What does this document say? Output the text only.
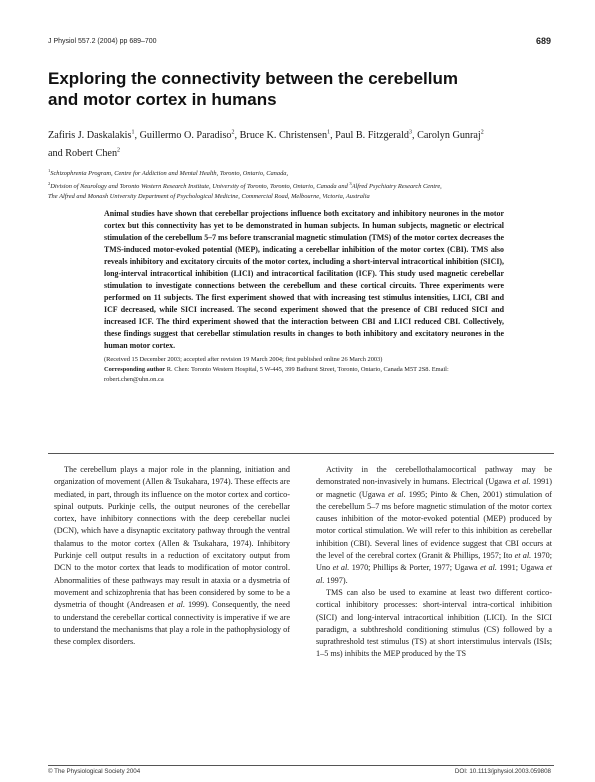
J Physiol 557.2 (2004) pp 689–700	689
Exploring the connectivity between the cerebellum
and motor cortex in humans
Zafiris J. Daskalakis$^1$, Guillermo O. Paradiso$^2$, Bruce K. Christensen$^1$, Paul B. Fitzgerald$^3$, Carolyn Gunraj$^2$
and Robert Chen$^2$

$^1$Schizophrenia Program, Centre for Addiction and Mental Health, Toronto, Ontario, Canada,

$^2$Division of Neurology and Toronto Western Research Institute, University of Toronto, Toronto, Ontario, Canada and $^3$Alfred Psychiatry Research Centre,

The Alfred and Monash University Department of Psychological Medicine, Commercial Road, Melbourne, Victoria, Australia

Animal studies have shown that cerebellar projections influence both excitatory and inhibitory neurones in the motor cortex but this connectivity has yet to be demonstrated in human subjects. In human subjects, magnetic or electrical stimulation of the cerebellum 5–7 ms before transcranial magnetic stimulation (TMS) of the motor cortex decreases the TMS-induced motor-evoked potential (MEP), indicating a cerebellar inhibition of the motor cortex (CBI). TMS also reveals inhibitory and excitatory circuits of the motor cortex, including a short-interval intracortical inhibition (SICI), long-interval intracortical inhibition (LICI) and intracortical facilitation (ICF). This study used magnetic cerebellar stimulation to investigate connections between the cerebellum and these cortical circuits. Three experiments were performed on 11 subjects. The first experiment showed that with increasing test stimulus intensities, LICI, CBI and ICF decreased, while SICI increased. The second experiment showed that the presence of CBI reduced SICI and increased ICF. The third experiment showed that the interaction between CBI and LICI reduced CBI. Collectively, these findings suggest that cerebellar stimulation results in changes to both inhibitory and excitatory neurones in the human motor cortex.

(Received 15 December 2003; accepted after revision 19 March 2004; first published online 26 March 2003)

Corresponding author R. Chen: Toronto Western Hospital, 5 W-445, 399 Bathurst Street, Toronto, Ontario, Canada M5T 2S8. Email: robert.chen@uhn.on.ca

The cerebellum plays a major role in the planning, initiation and organization of movement (Allen & Tsukahara, 1974). These effects are mediated, in part, through its influence on the motor cortex and cortico-spinal outputs. Purkinje cells, the output neurones of the cerebellar cortex, have inhibitory connections with the deep cerebellar nuclei (DCN), which have a disynaptic excitatory pathway through the ventral thalamus to the motor cortex (Allen & Tsukahara, 1974). Inhibitory Purkinje cell output results in a reduction of excitatory output from DCN to the motor cortex that leads to modification of motor control. Abnormalities of these pathways may result in ataxia or a dysmetria of movement and schizophrenia that has been considered by some to be a dysmetria of thought (Andreasen et al. 1999). Consequently, the need to understand the cerebellar cortical connectivity is imperative if we are to understand the mechanisms that play a role in the pathophysiology of these complex disorders.

Activity in the cerebellothalamocortical pathway may be demonstrated non-invasively in humans. Electrical (Ugawa et al. 1991) or magnetic (Ugawa et al. 1995; Pinto & Chen, 2001) stimulation of the cerebellum 5–7 ms before magnetic stimulation of the motor cortex causes inhibition of the motor-evoked potential (MEP) produced by motor cortical stimulation. We will refer to this inhibition as cerebellar inhibition (CBI). Several lines of evidence suggest that CBI occurs at the level of the cerebral cortex (Granit & Phillips, 1957; Ito et al. 1970; Uno et al. 1970; Phillips & Porter, 1977; Ugawa et al. 1991; Ugawa et al. 1997).

TMS can also be used to examine at least two different cortico-cortical inhibitory processes: short-interval intra-cortical inhibition (SICI) and long-interval intracortical inhibition (LICI). In the SICI paradigm, a subthreshold conditioning stimulus (CS) followed by a suprathreshold test stimulus (TS) at short interstimulus intervals (ISIs; 1–5 ms) inhibits the MEP produced by the TS

© The Physiological Society 2004	DOI: 10.1113/jphysiol.2003.059808
